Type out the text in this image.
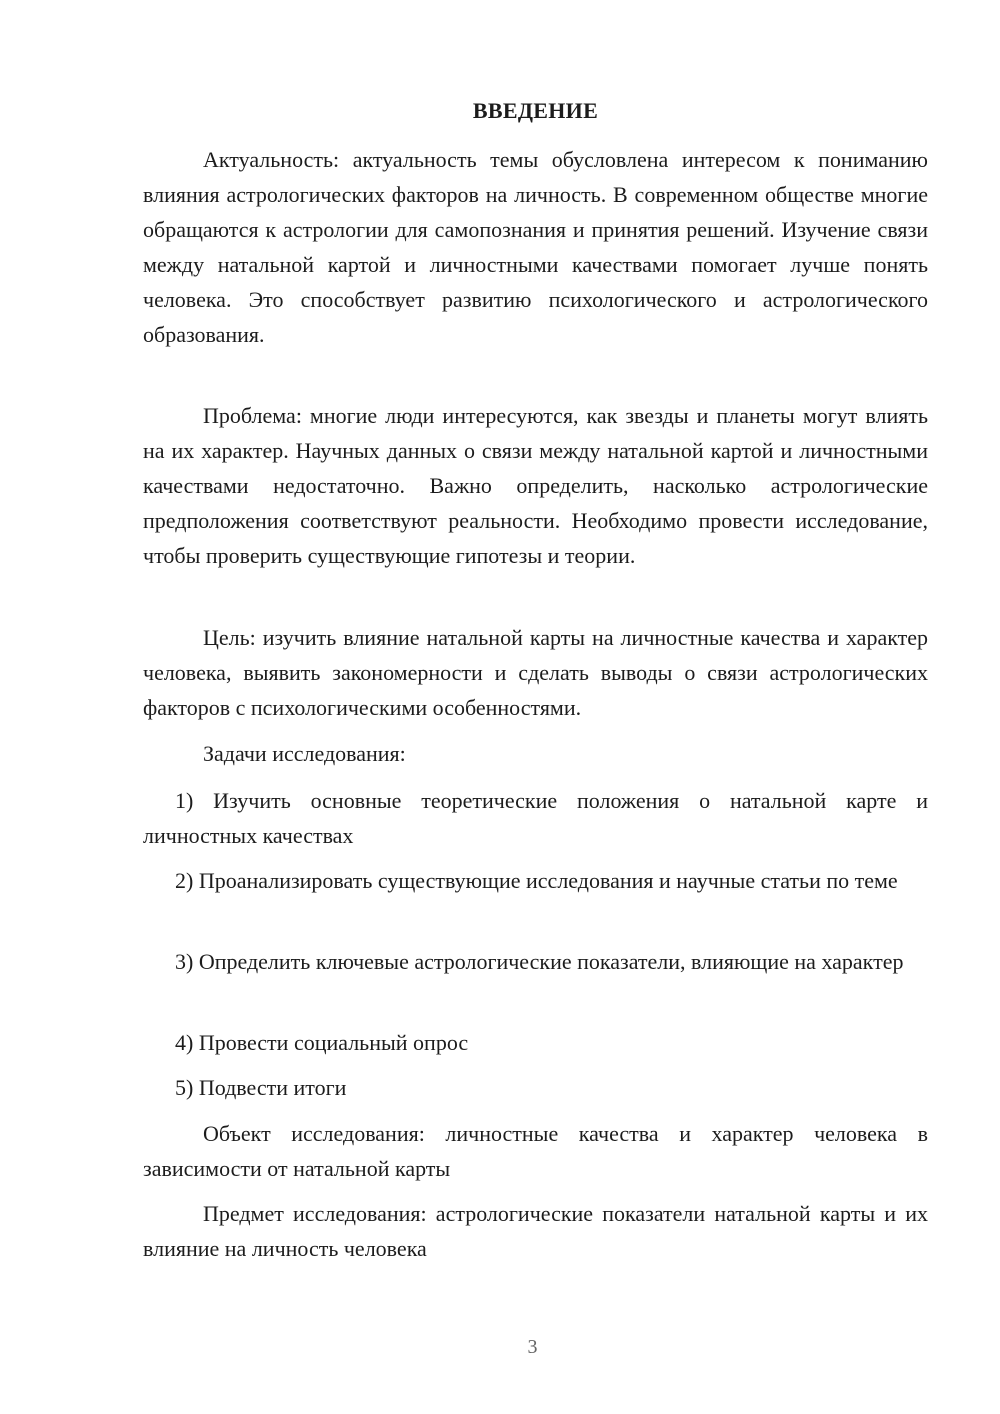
ВВЕДЕНИЕ

Актуальность: актуальность темы обусловлена интересом к пониманию влияния астрологических факторов на личность. В современном обществе многие обращаются к астрологии для самопознания и принятия решений. Изучение связи между натальной картой и личностными качествами помогает лучше понять человека. Это способствует развитию психологического и астрологического образования.

Проблема: многие люди интересуются, как звезды и планеты могут влиять на их характер. Научных данных о связи между натальной картой и личностными качествами недостаточно. Важно определить, насколько астрологические предположения соответствуют реальности. Необходимо провести исследование, чтобы проверить существующие гипотезы и теории.

Цель: изучить влияние натальной карты на личностные качества и характер человека, выявить закономерности и сделать выводы о связи астрологических факторов с психологическими особенностями.

Задачи исследования:

1) Изучить основные теоретические положения о натальной карте и личностных качествах

2) Проанализировать существующие исследования и научные статьи по теме

3) Определить ключевые астрологические показатели, влияющие на характер

4) Провести социальный опрос

5) Подвести итоги

Объект исследования: личностные качества и характер человека в зависимости от натальной карты

Предмет исследования: астрологические показатели натальной карты и их влияние на личность человека

3
